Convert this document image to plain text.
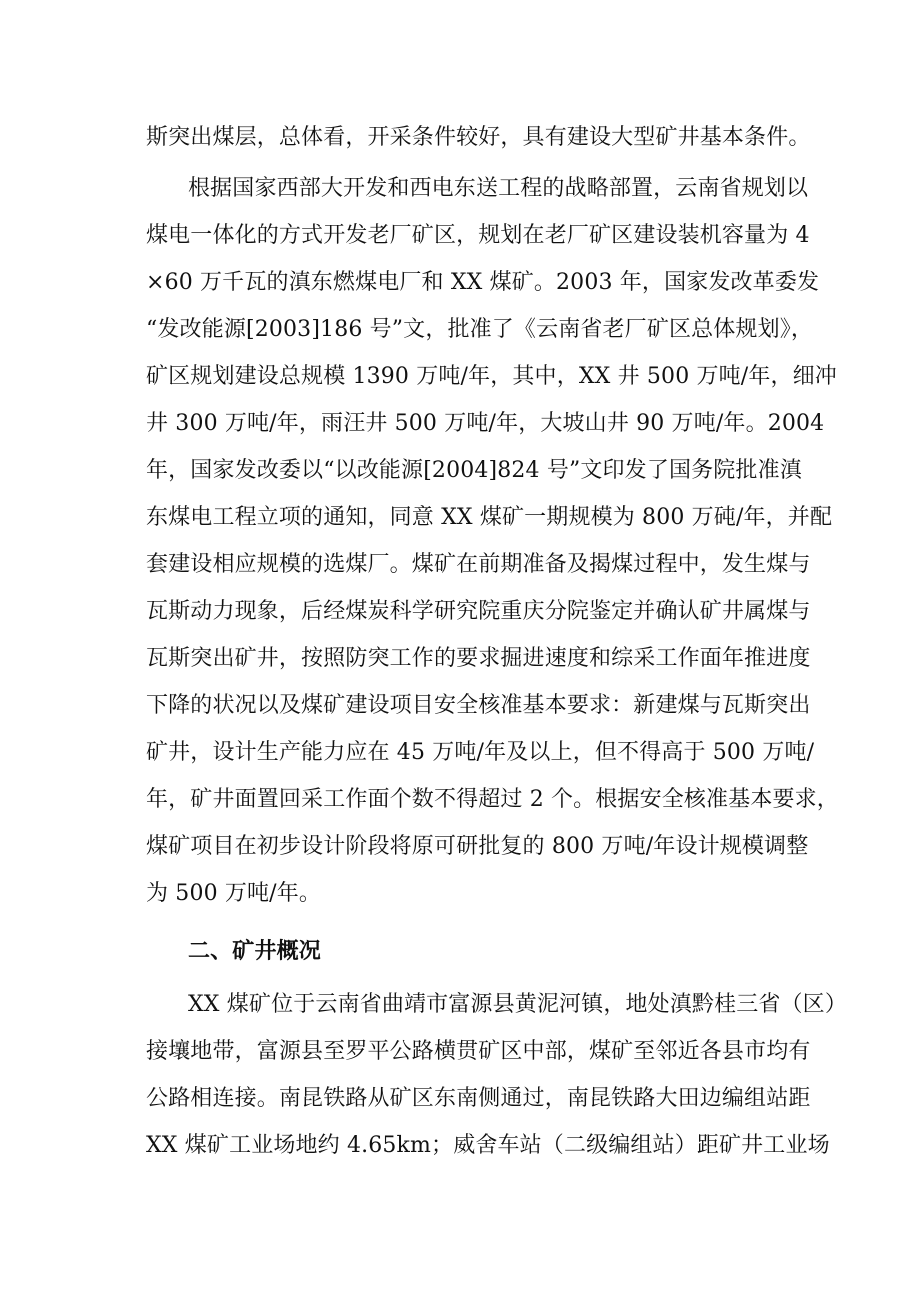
斯突出煤层，总体看，开采条件较好，具有建设大型矿井基本条件。
根据国家西部大开发和西电东送工程的战略部置，云南省规划以
煤电一体化的方式开发老厂矿区，规划在老厂矿区建设装机容量为 4
×60 万千瓦的滇东燃煤电厂和 XX 煤矿。2003 年，国家发改革委发
“发改能源[2003]186 号”文，批准了《云南省老厂矿区总体规划》，
矿区规划建设总规模 1390 万吨/年，其中，XX 井 500 万吨/年，细冲
井 300 万吨/年，雨汪井 500 万吨/年，大坡山井 90 万吨/年。2004
年，国家发改委以“以改能源[2004]824 号”文印发了国务院批准滇
东煤电工程立项的通知，同意 XX 煤矿一期规模为 800 万砘/年，并配
套建设相应规模的选煤厂。煤矿在前期准备及揭煤过程中，发生煤与
瓦斯动力现象，后经煤炭科学研究院重庆分院鉴定并确认矿井属煤与
瓦斯突出矿井，按照防突工作的要求掘进速度和综采工作面年推进度
下降的状况以及煤矿建设项目安全核准基本要求：新建煤与瓦斯突出
矿井，设计生产能力应在 45 万吨/年及以上，但不得高于 500 万吨/
年，矿井面置回采工作面个数不得超过 2 个。根据安全核准基本要求，
煤矿项目在初步设计阶段将原可研批复的 800 万吨/年设计规模调整
为 500 万吨/年。
二、矿井概况
XX 煤矿位于云南省曲靖市富源县黄泥河镇，地处滇黔桂三省（区）
接壤地带，富源县至罗平公路横贯矿区中部，煤矿至邻近各县市均有
公路相连接。南昆铁路从矿区东南侧通过，南昆铁路大田边编组站距
XX 煤矿工业场地约 4.65km；威舍车站（二级编组站）距矿井工业场
